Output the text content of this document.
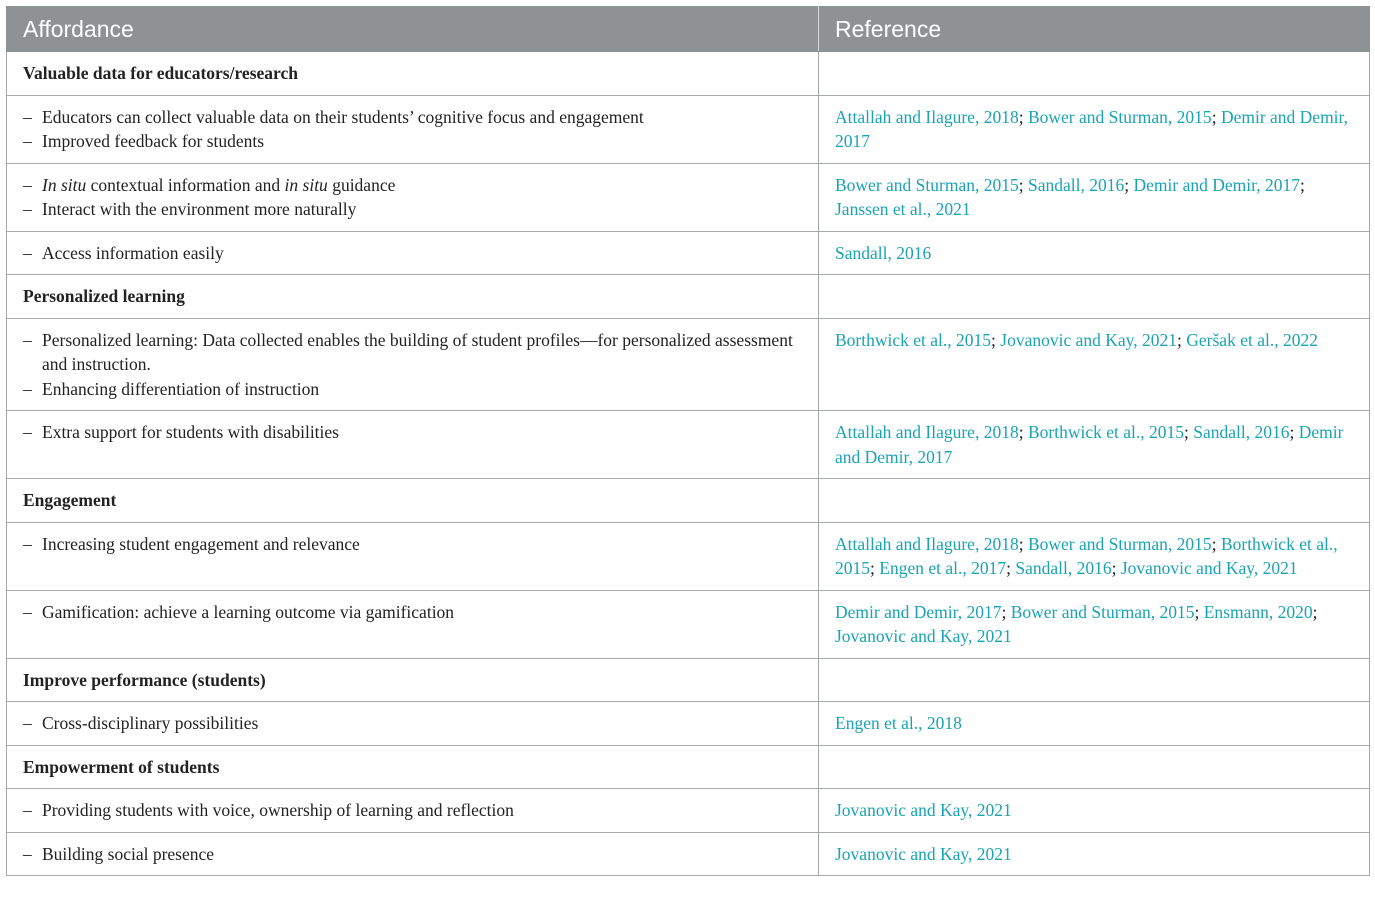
Affordance	Reference
Valuable data for educators/research	

– Educators can collect valuable data on their students’ cognitive focus and engagement
– Improved feedback for students	Attallah and Ilagure, 2018; Bower and Sturman, 2015; Demir and Demir, 2017

– In situ contextual information and in situ guidance
– Interact with the environment more naturally	Bower and Sturman, 2015; Sandall, 2016; Demir and Demir, 2017; Janssen et al., 2021

– Access information easily	Sandall, 2016
Personalized learning	

– Personalized learning: Data collected enables the building of student profiles—for personalized assessment and instruction.
– Enhancing differentiation of instruction	Borthwick et al., 2015; Jovanovic and Kay, 2021; Geršak et al., 2022

– Extra support for students with disabilities	Attallah and Ilagure, 2018; Borthwick et al., 2015; Sandall, 2016; Demir and Demir, 2017
Engagement	

– Increasing student engagement and relevance	Attallah and Ilagure, 2018; Bower and Sturman, 2015; Borthwick et al., 2015; Engen et al., 2017; Sandall, 2016; Jovanovic and Kay, 2021

– Gamification: achieve a learning outcome via gamification	Demir and Demir, 2017; Bower and Sturman, 2015; Ensmann, 2020; Jovanovic and Kay, 2021
Improve performance (students)	

– Cross-disciplinary possibilities	Engen et al., 2018
Empowerment of students	

– Providing students with voice, ownership of learning and reflection	Jovanovic and Kay, 2021

– Building social presence	Jovanovic and Kay, 2021
